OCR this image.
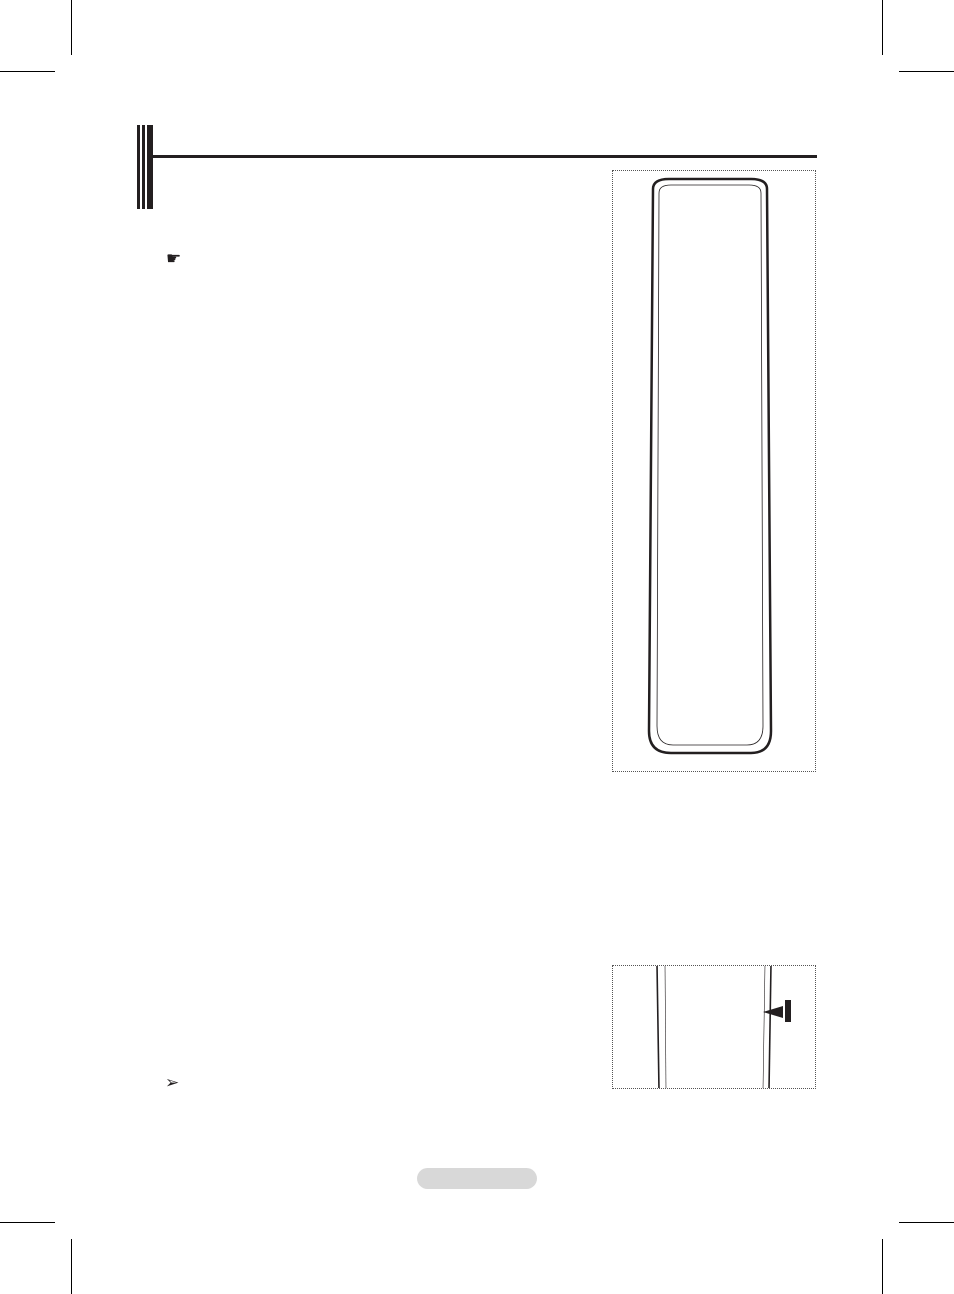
☛
➢
